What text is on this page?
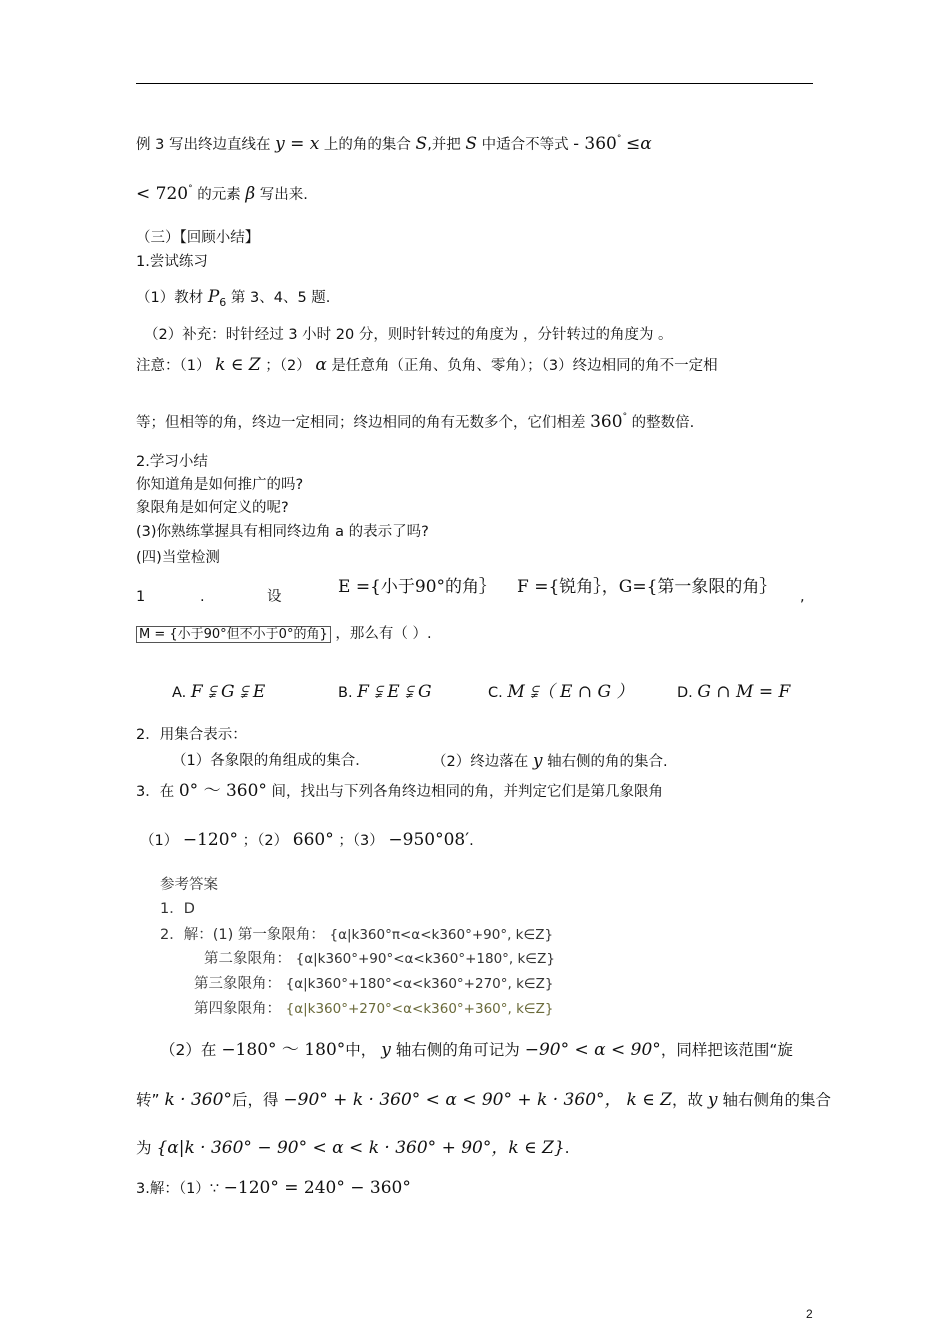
例 3 写出终边直线在 y = x 上的角的集合 S,并把 S 中适合不等式 - 360° ≤α
< 720° 的元素 β 写出来.
（三）【回顾小结】
1.尝试练习
（1）教材 $P_6$ 第 3、4、5 题.
（2）补充：时针经过 3 小时 20 分，则时针转过的角度为 ，分针转过的角度为 。
注意：（1） k ∈ Z ；（2） α 是任意角（正角、负角、零角）；（3）终边相同的角不一定相
等；但相等的角，终边一定相同；终边相同的角有无数多个，它们相差 360° 的整数倍.
2.学习小结
你知道角是如何推广的吗?
象限角是如何定义的呢?
(3)你熟练掌握具有相同终边角 a 的表示了吗?
(四)当堂检测
1	.	设	E ={小于90°的角｝ F ={锐角｝，G={第一象限的角｝ ,
M = {小于90°但不小于0°的角} ，那么有（ ）.
A. F ⫋ G ⫋ E	B. F ⫋ E ⫋ G	C. M ⫋（ E ∩ G ）	D. G ∩ M = F
2．用集合表示：
（1）各象限的角组成的集合．	（2）终边落在 y 轴右侧的角的集合.
3．在 0° ～ 360° 间，找出与下列各角终边相同的角，并判定它们是第几象限角
（1） −120° ；（2） 660° ；（3） −950°08′.
参考答案
1．D
2．解：(1) 第一象限角： {α|k360°π<α<k360°+90°, k∈Z}
第二象限角： {α|k360°+90°<α<k360°+180°, k∈Z}
第三象限角： {α|k360°+180°<α<k360°+270°, k∈Z}
第四象限角： {α|k360°+270°<α<k360°+360°, k∈Z}
（2）在 −180° ～ 180°中， y 轴右侧的角可记为 −90° < α < 90°，同样把该范围“旋
转” k · 360°后，得 −90° + k · 360° < α < 90° + k · 360°， k ∈ Z，故 y 轴右侧角的集合
为 {α|k · 360° − 90° < α < k · 360° + 90°，k ∈ Z}.
3.解：（1）∵ −120° = 240° − 360°
2
